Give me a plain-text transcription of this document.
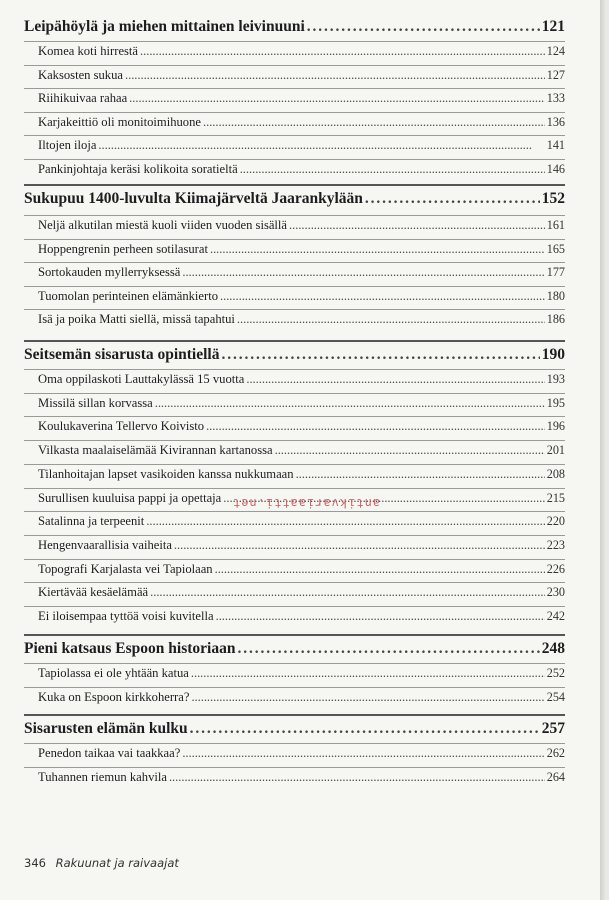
Leipähöylä ja miehen mittainen leivinuuni . . .	121
Komea koti hirrestä . . .	124
Kaksosten sukua . . .	127
Riihikuivaa rahaa . . .	133
Karjakeittiö oli monitoimihuone . . .	136
Iltojen iloja . . .	141
Pankinjohtaja keräsi kolikoita soratieltä . . .	146
Sukupuu 1400-luvulta Kiimajärveltä Jaarankylään . . .	152
Neljä alkutilan miestä kuoli viiden vuoden sisällä . . .	161
Hoppengrenin perheen sotilasurat . . .	165
Sortokauden myllerryksessä . . .	177
Tuomolan perinteinen elämänkierto . . .	180
Isä ja poika Matti siellä, missä tapahtui . . .	186
Seitsemän sisarusta opintiellä . . .	190
Oma oppilaskoti Lauttakylässä 15 vuotta . . .	193
Missilä sillan korvassa . . .	195
Koulukaverina Tellervo Koivisto . . .	196
Vilkasta maalaiselämää Kivirannan kartanossa . . .	201
Tilanhoitajan lapset vasikoiden kanssa nukkumaan . . .	208
Surullisen kuuluisa pappi ja opettaja . . .	215
Satalinna ja terpeenit . . .	220
Hengenvaarallisia vaiheita . . .	223
Topografi Karjalasta vei Tapiolaan . . .	226
Kiertävää kesäelämää . . .	230
Ei iloisempaa tyttöä voisi kuvitella . . .	242
Pieni katsaus Espoon historiaan . . .	248
Tapiolassa ei ole yhtään katua . . .	252
Kuka on Espoon kirkkoherra? . . .	254
Sisarusten elämän kulku . . .	257
Penedon taikaa vai taakkaa? . . .	262
Tuhannen riemun kahvila . . .	264
antikvariaatti.net
346 Rakuunat ja raivaajat
